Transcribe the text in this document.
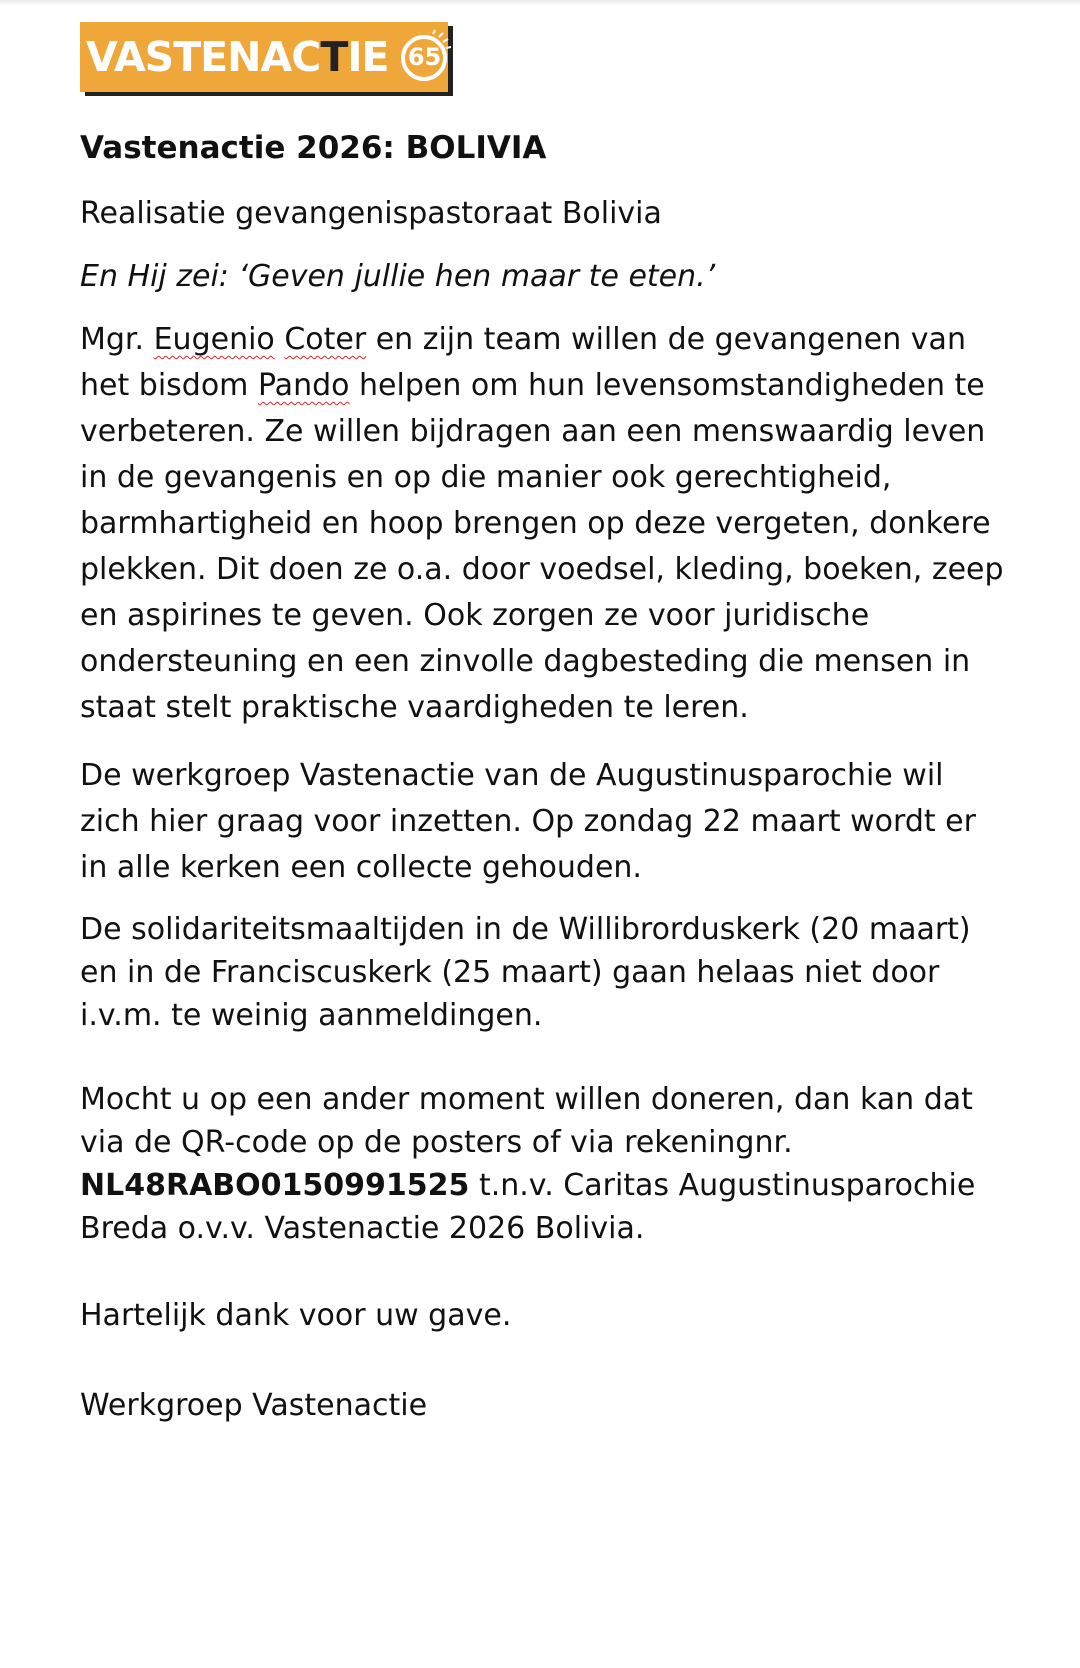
VASTENACTIE 65
Vastenactie 2026: BOLIVIA

Realisatie gevangenispastoraat Bolivia

En Hij zei: ‘Geven jullie hen maar te eten.’

Mgr. Eugenio Coter en zijn team willen de gevangenen van het bisdom Pando helpen om hun levensomstandigheden te verbeteren. Ze willen bijdragen aan een menswaardig leven in de gevangenis en op die manier ook gerechtigheid, barmhartigheid en hoop brengen op deze vergeten, donkere plekken. Dit doen ze o.a. door voedsel, kleding, boeken, zeep en aspirines te geven. Ook zorgen ze voor juridische ondersteuning en een zinvolle dagbesteding die mensen in staat stelt praktische vaardigheden te leren.

De werkgroep Vastenactie van de Augustinusparochie wil zich hier graag voor inzetten. Op zondag 22 maart wordt er in alle kerken een collecte gehouden.

De solidariteitsmaaltijden in de Willibrorduskerk (20 maart) en in de Franciscuskerk (25 maart) gaan helaas niet door i.v.m. te weinig aanmeldingen.

Mocht u op een ander moment willen doneren, dan kan dat via de QR-code op de posters of via rekeningnr. NL48RABO0150991525 t.n.v. Caritas Augustinusparochie Breda o.v.v. Vastenactie 2026 Bolivia.

Hartelijk dank voor uw gave.

Werkgroep Vastenactie
